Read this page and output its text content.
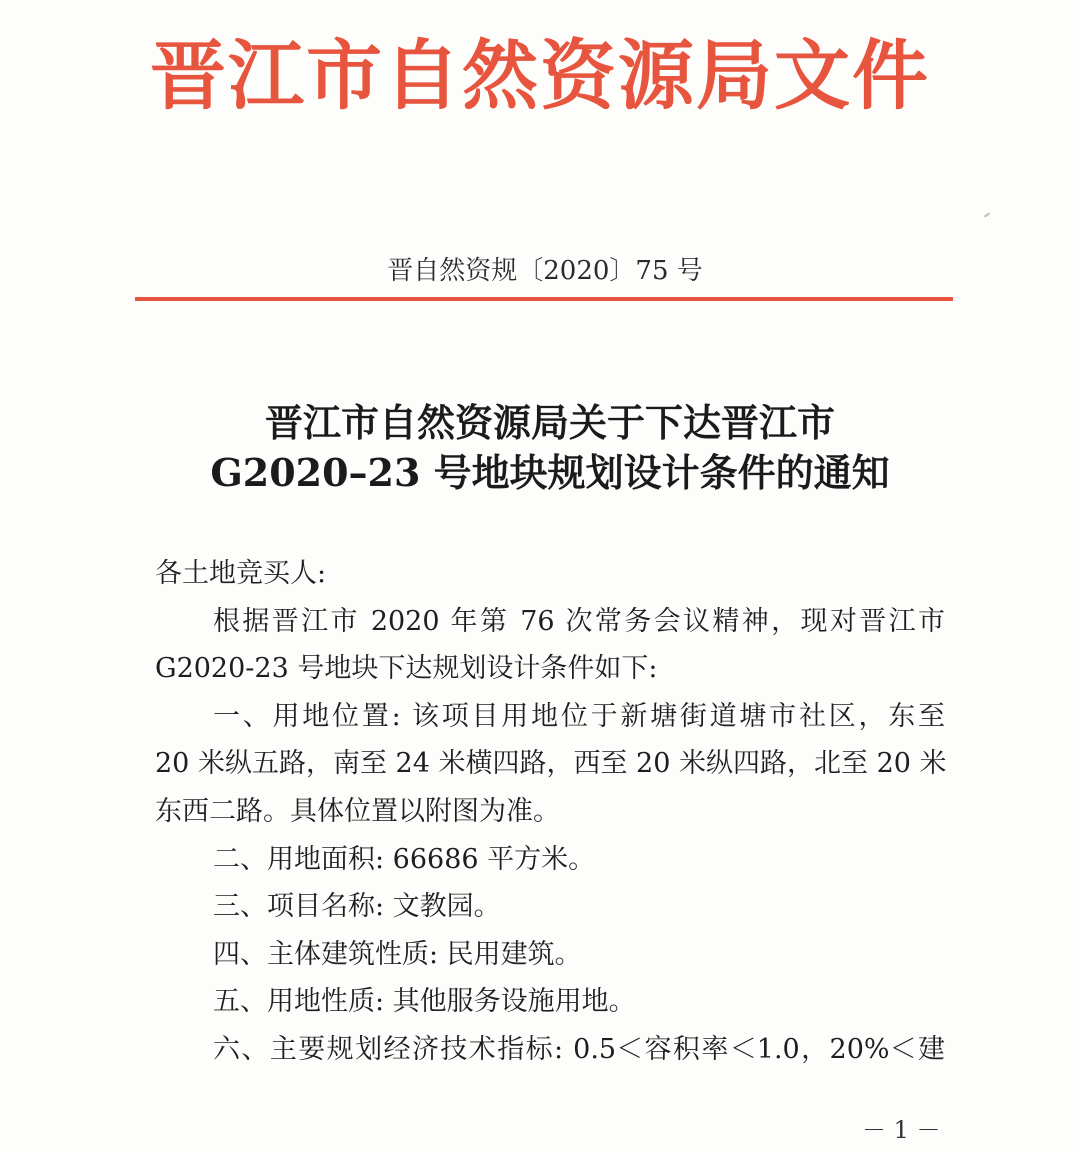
晋江市自然资源局文件
晋自然资规〔2020〕75 号
晋江市自然资源局关于下达晋江市
G2020–23 号地块规划设计条件的通知
各土地竞买人:
根据晋江市 2020 年第 76 次常务会议精神，现对晋江市
G2020-23 号地块下达规划设计条件如下:
一、用地位置: 该项目用地位于新塘街道塘市社区，东至
20 米纵五路，南至 24 米横四路，西至 20 米纵四路，北至 20 米
东西二路。具体位置以附图为准。
二、用地面积: 66686 平方米。
三、项目名称: 文教园。
四、主体建筑性质: 民用建筑。
五、用地性质: 其他服务设施用地。
六、主要规划经济技术指标: 0.5＜容积率＜1.0，20%＜建
－ 1 －
